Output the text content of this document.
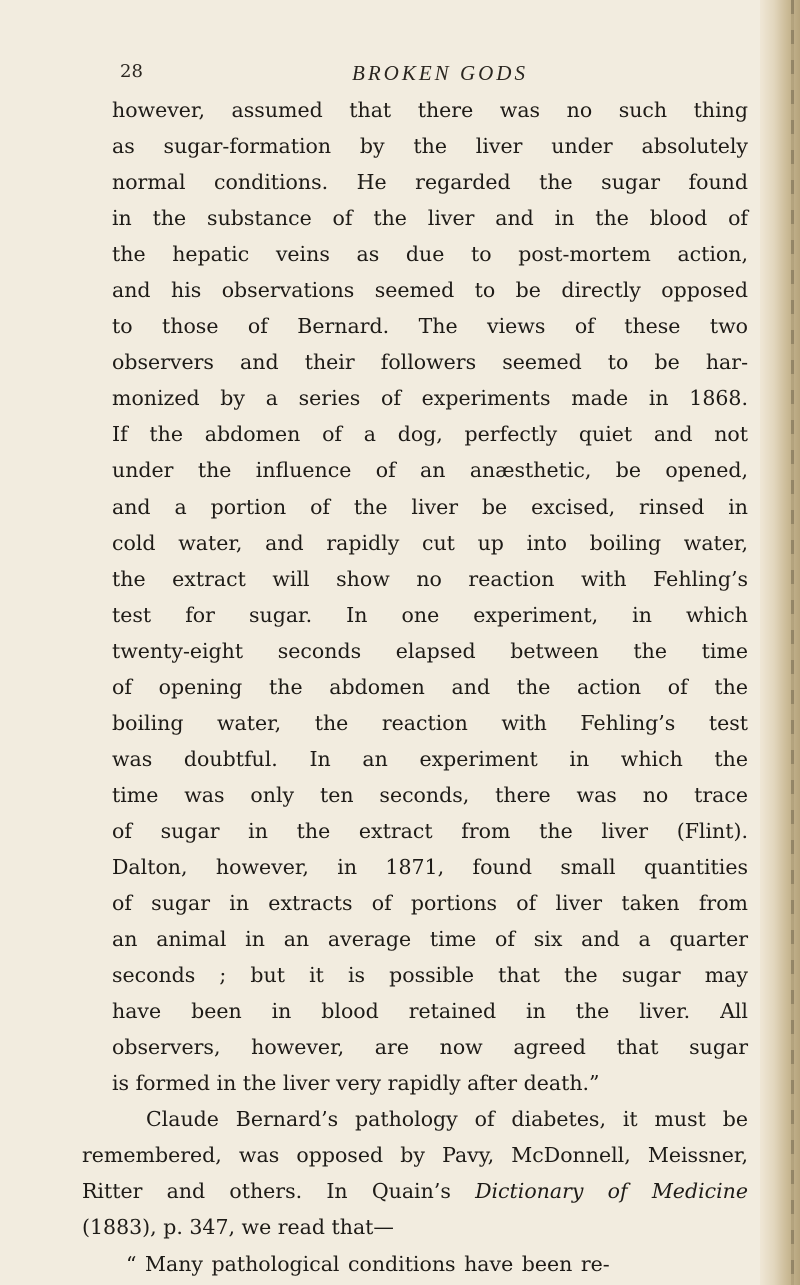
28	BROKEN GODS
however, assumed that there was no such thing
as sugar-formation by the liver under absolutely
normal conditions. He regarded the sugar found
in the substance of the liver and in the blood of
the hepatic veins as due to post-mortem action,
and his observations seemed to be directly opposed
to those of Bernard. The views of these two
observers and their followers seemed to be har-
monized by a series of experiments made in 1868.
If the abdomen of a dog, perfectly quiet and not
under the influence of an anæsthetic, be opened,
and a portion of the liver be excised, rinsed in
cold water, and rapidly cut up into boiling water,
the extract will show no reaction with Fehling’s
test for sugar. In one experiment, in which
twenty-eight seconds elapsed between the time
of opening the abdomen and the action of the
boiling water, the reaction with Fehling’s test
was doubtful. In an experiment in which the
time was only ten seconds, there was no trace
of sugar in the extract from the liver (Flint).
Dalton, however, in 1871, found small quantities
of sugar in extracts of portions of liver taken from
an animal in an average time of six and a quarter
seconds ; but it is possible that the sugar may
have been in blood retained in the liver. All
observers, however, are now agreed that sugar
is formed in the liver very rapidly after death.”
Claude Bernard’s pathology of diabetes, it must be
remembered, was opposed by Pavy, McDonnell, Meissner,
Ritter and others. In Quain’s Dictionary of Medicine
(1883), p. 347, we read that—
“ Many pathological conditions have been re-
